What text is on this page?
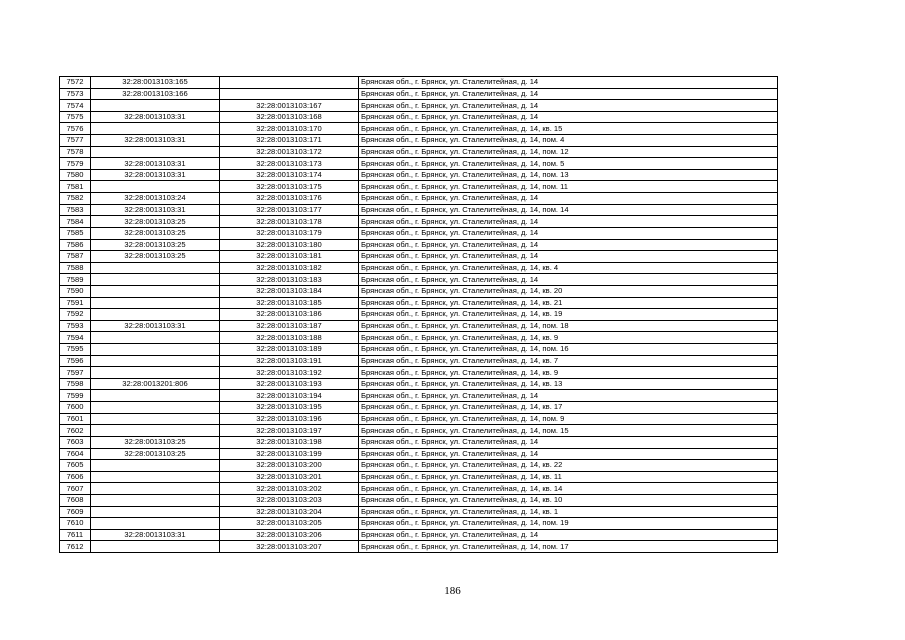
7572	32:28:0013103:165		Брянская обл., г. Брянск, ул. Сталелитейная, д. 14
7573	32:28:0013103:166		Брянская обл., г. Брянск, ул. Сталелитейная, д. 14
7574		32:28:0013103:167	Брянская обл., г. Брянск, ул. Сталелитейная, д. 14
7575	32:28:0013103:31	32:28:0013103:168	Брянская обл., г. Брянск, ул. Сталелитейная, д. 14
7576		32:28:0013103:170	Брянская обл., г. Брянск, ул. Сталелитейная, д. 14, кв. 15
7577	32:28:0013103:31	32:28:0013103:171	Брянская обл., г. Брянск, ул. Сталелитейная, д. 14, пом. 4
7578		32:28:0013103:172	Брянская обл., г. Брянск, ул. Сталелитейная, д. 14, пом. 12
7579	32:28:0013103:31	32:28:0013103:173	Брянская обл., г. Брянск, ул. Сталелитейная, д. 14, пом. 5
7580	32:28:0013103:31	32:28:0013103:174	Брянская обл., г. Брянск, ул. Сталелитейная, д. 14, пом. 13
7581		32:28:0013103:175	Брянская обл., г. Брянск, ул. Сталелитейная, д. 14, пом. 11
7582	32:28:0013103:24	32:28:0013103:176	Брянская обл., г. Брянск, ул. Сталелитейная, д. 14
7583	32:28:0013103:31	32:28:0013103:177	Брянская обл., г. Брянск, ул. Сталелитейная, д. 14, пом. 14
7584	32:28:0013103:25	32:28:0013103:178	Брянская обл., г. Брянск, ул. Сталелитейная, д. 14
7585	32:28:0013103:25	32:28:0013103:179	Брянская обл., г. Брянск, ул. Сталелитейная, д. 14
7586	32:28:0013103:25	32:28:0013103:180	Брянская обл., г. Брянск, ул. Сталелитейная, д. 14
7587	32:28:0013103:25	32:28:0013103:181	Брянская обл., г. Брянск, ул. Сталелитейная, д. 14
7588		32:28:0013103:182	Брянская обл., г. Брянск, ул. Сталелитейная, д. 14, кв. 4
7589		32:28:0013103:183	Брянская обл., г. Брянск, ул. Сталелитейная, д. 14
7590		32:28:0013103:184	Брянская обл., г. Брянск, ул. Сталелитейная, д. 14, кв. 20
7591		32:28:0013103:185	Брянская обл., г. Брянск, ул. Сталелитейная, д. 14, кв. 21
7592		32:28:0013103:186	Брянская обл., г. Брянск, ул. Сталелитейная, д. 14, кв. 19
7593	32:28:0013103:31	32:28:0013103:187	Брянская обл., г. Брянск, ул. Сталелитейная, д. 14, пом. 18
7594		32:28:0013103:188	Брянская обл., г. Брянск, ул. Сталелитейная, д. 14, кв. 9
7595		32:28:0013103:189	Брянская обл., г. Брянск, ул. Сталелитейная, д. 14, пом. 16
7596		32:28:0013103:191	Брянская обл., г. Брянск, ул. Сталелитейная, д. 14, кв. 7
7597		32:28:0013103:192	Брянская обл., г. Брянск, ул. Сталелитейная, д. 14, кв. 9
7598	32:28:0013201:806	32:28:0013103:193	Брянская обл., г. Брянск, ул. Сталелитейная, д. 14, кв. 13
7599		32:28:0013103:194	Брянская обл., г. Брянск, ул. Сталелитейная, д. 14
7600		32:28:0013103:195	Брянская обл., г. Брянск, ул. Сталелитейная, д. 14, кв. 17
7601		32:28:0013103:196	Брянская обл., г. Брянск, ул. Сталелитейная, д. 14, пом. 9
7602		32:28:0013103:197	Брянская обл., г. Брянск, ул. Сталелитейная, д. 14, пом. 15
7603	32:28:0013103:25	32:28:0013103:198	Брянская обл., г. Брянск, ул. Сталелитейная, д. 14
7604	32:28:0013103:25	32:28:0013103:199	Брянская обл., г. Брянск, ул. Сталелитейная, д. 14
7605		32:28:0013103:200	Брянская обл., г. Брянск, ул. Сталелитейная, д. 14, кв. 22
7606		32:28:0013103:201	Брянская обл., г. Брянск, ул. Сталелитейная, д. 14, кв. 11
7607		32:28:0013103:202	Брянская обл., г. Брянск, ул. Сталелитейная, д. 14, кв. 14
7608		32:28:0013103:203	Брянская обл., г. Брянск, ул. Сталелитейная, д. 14, кв. 10
7609		32:28:0013103:204	Брянская обл., г. Брянск, ул. Сталелитейная, д. 14, кв. 1
7610		32:28:0013103:205	Брянская обл., г. Брянск, ул. Сталелитейная, д. 14, пом. 19
7611	32:28:0013103:31	32:28:0013103:206	Брянская обл., г. Брянск, ул. Сталелитейная, д. 14
7612		32:28:0013103:207	Брянская обл., г. Брянск, ул. Сталелитейная, д. 14, пом. 17
186
